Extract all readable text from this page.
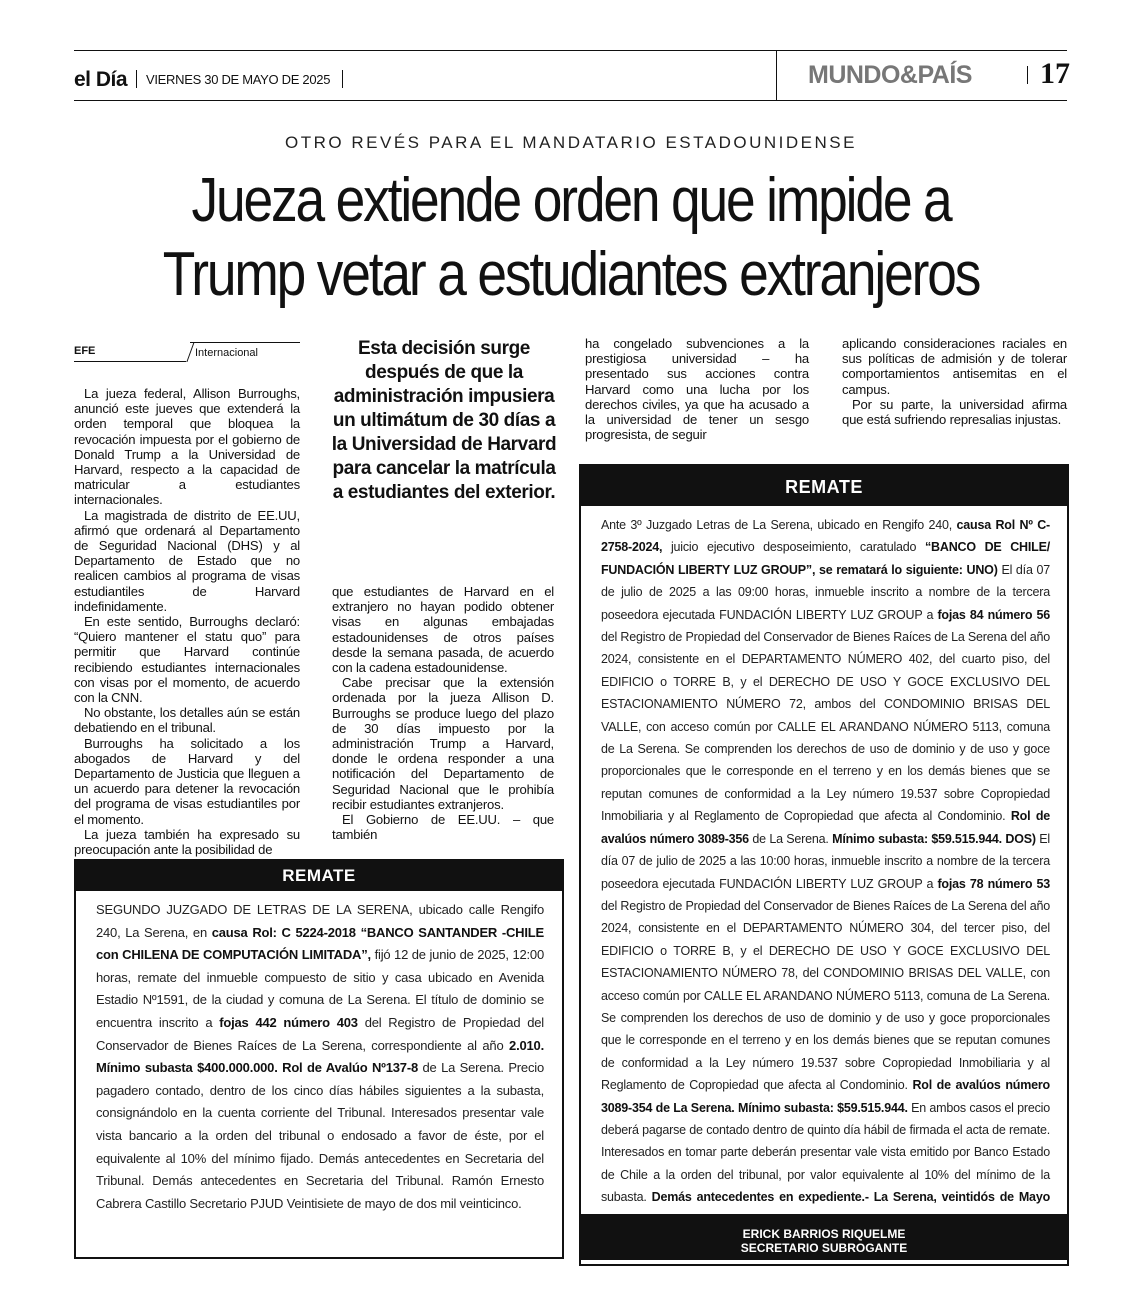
el Día VIERNES 30 DE MAYO DE 2025	MUNDO&PAÍS 17
OTRO REVÉS PARA EL MANDATARIO ESTADOUNIDENSE
Jueza extiende orden que impide a
Trump vetar a estudiantes extranjeros
EFE	Internacional

La jueza federal, Allison Burroughs, anunció este jueves que extenderá la orden temporal que bloquea la revocación impuesta por el gobierno de Donald Trump a la Universidad de Harvard, respecto a la capacidad de matricular a estudiantes internacionales.

La magistrada de distrito de EE.UU, afirmó que ordenará al Departamento de Seguridad Nacional (DHS) y al Departamento de Estado que no realicen cambios al programa de visas estudiantiles de Harvard indefinidamente.

En este sentido, Burroughs declaró: “Quiero mantener el statu quo” para permitir que Harvard continúe recibiendo estudiantes internacionales con visas por el momento, de acuerdo con la CNN.

No obstante, los detalles aún se están debatiendo en el tribunal.

Burroughs ha solicitado a los abogados de Harvard y del Departamento de Justicia que lleguen a un acuerdo para detener la revocación del programa de visas estudiantiles por el momento.

La jueza también ha expresado su preocupación ante la posibilidad de

Esta decisión surge después de que la administración impusiera un ultimátum de 30 días a la Universidad de Harvard para cancelar la matrícula a estudiantes del exterior.

que estudiantes de Harvard en el extranjero no hayan podido obtener visas en algunas embajadas estadounidenses de otros países desde la semana pasada, de acuerdo con la cadena estadounidense.

Cabe precisar que la extensión ordenada por la jueza Allison D. Burroughs se produce luego del plazo de 30 días impuesto por la administración Trump a Harvard, donde le ordena responder a una notificación del Departamento de Seguridad Nacional que le prohibía recibir estudiantes extranjeros.

El Gobierno de EE.UU. – que también

ha congelado subvenciones a la prestigiosa universidad – ha presentado sus acciones contra Harvard como una lucha por los derechos civiles, ya que ha acusado a la universidad de tener un sesgo progresista, de seguir

aplicando consideraciones raciales en sus políticas de admisión y de tolerar comportamientos antisemitas en el campus.

Por su parte, la universidad afirma que está sufriendo represalias injustas.

REMATE
SEGUNDO JUZGADO DE LETRAS DE LA SERENA, ubicado calle Rengifo 240, La Serena, en causa Rol: C 5224-2018 “BANCO SANTANDER -CHILE con CHILENA DE COMPUTACIÓN LIMITADA”, fijó 12 de junio de 2025, 12:00 horas, remate del inmueble compuesto de sitio y casa ubicado en Avenida Estadio Nº1591, de la ciudad y comuna de La Serena. El título de dominio se encuentra inscrito a fojas 442 número 403 del Registro de Propiedad del Conservador de Bienes Raíces de La Serena, correspondiente al año 2.010. Mínimo subasta $400.000.000. Rol de Avalúo Nº137-8 de La Serena. Precio pagadero contado, dentro de los cinco días hábiles siguientes a la subasta, consignándolo en la cuenta corriente del Tribunal. Interesados presentar vale vista bancario a la orden del tribunal o endosado a favor de éste, por el equivalente al 10% del mínimo fijado. Demás antecedentes en Secretaria del Tribunal. Demás antecedentes en Secretaria del Tribunal. Ramón Ernesto Cabrera Castillo Secretario PJUD Veintisiete de mayo de dos mil veinticinco.
REMATE
Ante 3º Juzgado Letras de La Serena, ubicado en Rengifo 240, causa Rol Nº C-2758-2024, juicio ejecutivo desposeimiento, caratulado “BANCO DE CHILE/ FUNDACIÓN LIBERTY LUZ GROUP”, se rematará lo siguiente: UNO) El día 07 de julio de 2025 a las 09:00 horas, inmueble inscrito a nombre de la tercera poseedora ejecutada FUNDACIÓN LIBERTY LUZ GROUP a fojas 84 número 56 del Registro de Propiedad del Conservador de Bienes Raíces de La Serena del año 2024, consistente en el DEPARTAMENTO NÚMERO 402, del cuarto piso, del EDIFICIO o TORRE B, y el DERECHO DE USO Y GOCE EXCLUSIVO DEL ESTACIONAMIENTO NÚMERO 72, ambos del CONDOMINIO BRISAS DEL VALLE, con acceso común por CALLE EL ARANDANO NÚMERO 5113, comuna de La Serena. Se comprenden los derechos de uso de dominio y de uso y goce proporcionales que le corresponde en el terreno y en los demás bienes que se reputan comunes de conformidad a la Ley número 19.537 sobre Copropiedad Inmobiliaria y al Reglamento de Copropiedad que afecta al Condominio. Rol de avalúos número 3089-356 de La Serena. Mínimo subasta: $59.515.944. DOS) El día 07 de julio de 2025 a las 10:00 horas, inmueble inscrito a nombre de la tercera poseedora ejecutada FUNDACIÓN LIBERTY LUZ GROUP a fojas 78 número 53 del Registro de Propiedad del Conservador de Bienes Raíces de La Serena del año 2024, consistente en el DEPARTAMENTO NÚMERO 304, del tercer piso, del EDIFICIO o TORRE B, y el DERECHO DE USO Y GOCE EXCLUSIVO DEL ESTACIONAMIENTO NÚMERO 78, del CONDOMINIO BRISAS DEL VALLE, con acceso común por CALLE EL ARANDANO NÚMERO 5113, comuna de La Serena. Se comprenden los derechos de uso de dominio y de uso y goce proporcionales que le corresponde en el terreno y en los demás bienes que se reputan comunes de conformidad a la Ley número 19.537 sobre Copropiedad Inmobiliaria y al Reglamento de Copropiedad que afecta al Condominio. Rol de avalúos número 3089-354 de La Serena. Mínimo subasta: $59.515.944. En ambos casos el precio deberá pagarse de contado dentro de quinto día hábil de firmada el acta de remate. Interesados en tomar parte deberán presentar vale vista emitido por Banco Estado de Chile a la orden del tribunal, por valor equivalente al 10% del mínimo de la subasta. Demás antecedentes en expediente.- La Serena, veintidós de Mayo
ERICK BARRIOS RIQUELME
SECRETARIO SUBROGANTE
